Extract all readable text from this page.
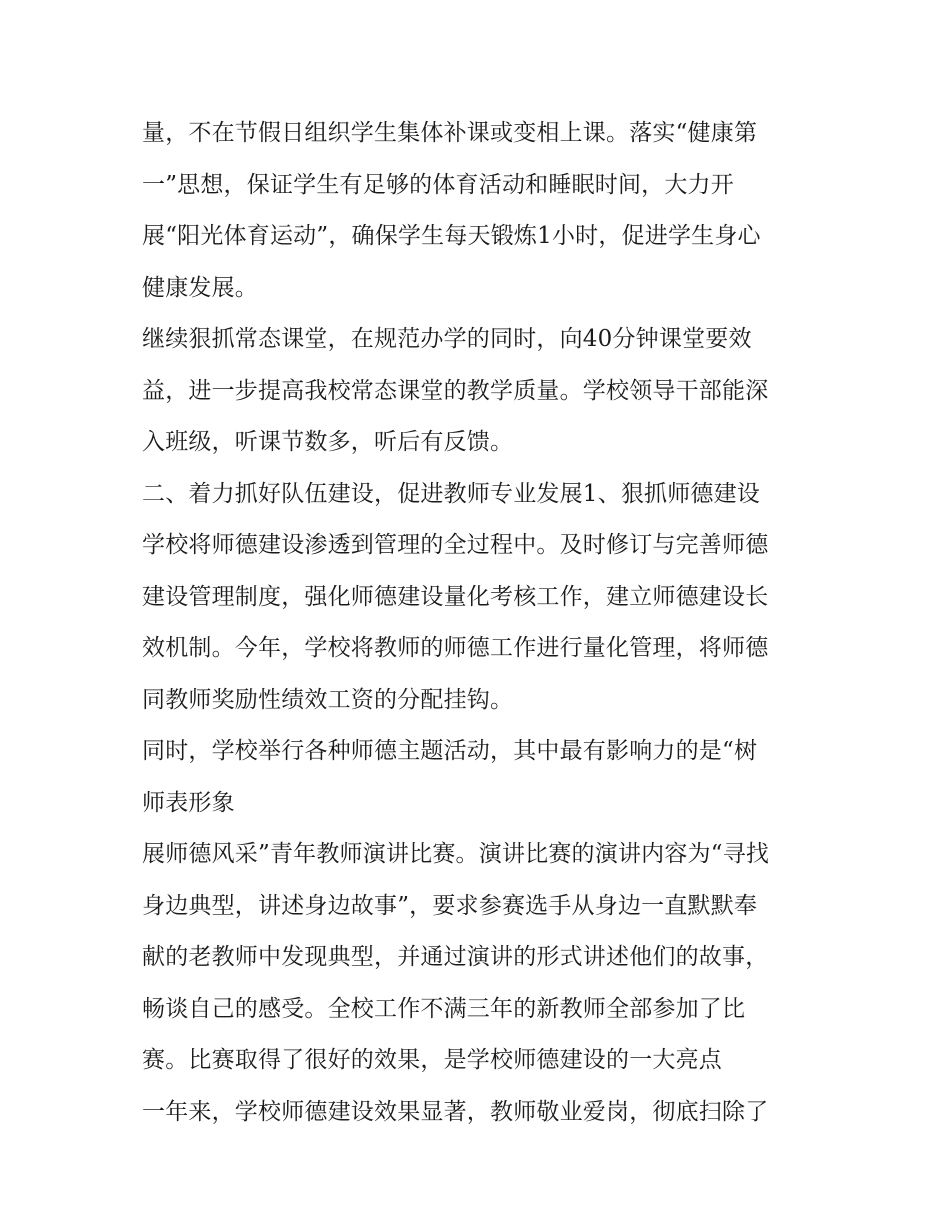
量，不在节假日组织学生集体补课或变相上课。落实“健康第
一”思想，保证学生有足够的体育活动和睡眠时间，大力开
展“阳光体育运动”，确保学生每天锻炼1小时，促进学生身心
健康发展。
继续狠抓常态课堂，在规范办学的同时，向40分钟课堂要效
益，进一步提高我校常态课堂的教学质量。学校领导干部能深
入班级，听课节数多，听后有反馈。
二、着力抓好队伍建设，促进教师专业发展1、狠抓师德建设
学校将师德建设渗透到管理的全过程中。及时修订与完善师德
建设管理制度，强化师德建设量化考核工作，建立师德建设长
效机制。今年，学校将教师的师德工作进行量化管理，将师德
同教师奖励性绩效工资的分配挂钩。
同时，学校举行各种师德主题活动，其中最有影响力的是“树
师表形象
展师德风采”青年教师演讲比赛。演讲比赛的演讲内容为“寻找
身边典型，讲述身边故事”，要求参赛选手从身边一直默默奉
献的老教师中发现典型，并通过演讲的形式讲述他们的故事，
畅谈自己的感受。全校工作不满三年的新教师全部参加了比
赛。比赛取得了很好的效果，是学校师德建设的一大亮点
一年来，学校师德建设效果显著，教师敬业爱岗，彻底扫除了
